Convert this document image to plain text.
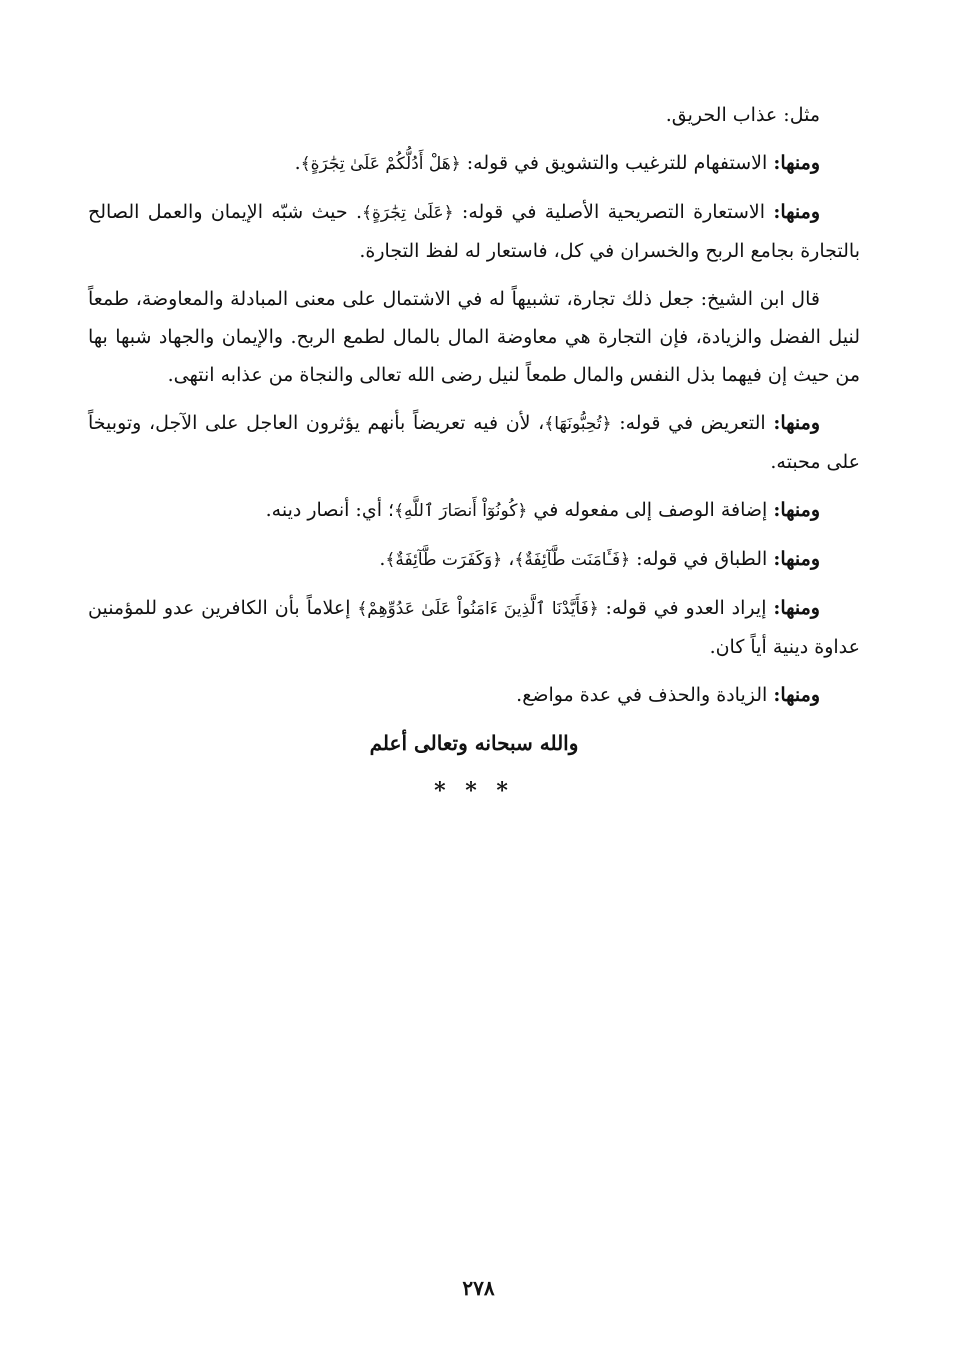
مثل: عذاب الحريق.

ومنها: الاستفهام للترغيب والتشويق في قوله: ﴿هَلْ أَدُلُّكُمْ عَلَىٰ تِجَٰرَةٍ﴾.

ومنها: الاستعارة التصريحية الأصلية في قوله: ﴿عَلَىٰ تِجَٰرَةٍ﴾. حيث شبّه الإيمان والعمل الصالح بالتجارة بجامع الربح والخسران في كل، فاستعار له لفظ التجارة.

قال ابن الشيخ: جعل ذلك تجارة، تشبيهاً له في الاشتمال على معنى المبادلة والمعاوضة، طمعاً لنيل الفضل والزيادة، فإن التجارة هي معاوضة المال بالمال لطمع الربح. والإيمان والجهاد شبها بها من حيث إن فيهما بذل النفس والمال طمعاً لنيل رضى الله تعالى والنجاة من عذابه انتهى.

ومنها: التعريض في قوله: ﴿تُحِبُّونَهَا﴾، لأن فيه تعريضاً بأنهم يؤثرون العاجل على الآجل، وتوبيخاً على محبته.

ومنها: إضافة الوصف إلى مفعوله في ﴿كُونُوٓاْ أَنصَارَ ٱللَّهِ﴾؛ أي: أنصار دينه.

ومنها: الطباق في قوله: ﴿فَـَٔامَنَت طَّآئِفَةٌ﴾، ﴿وَكَفَرَت طَّآئِفَةٌ﴾.

ومنها: إيراد العدو في قوله: ﴿فَأَيَّدْنَا ٱلَّذِينَ ءَامَنُواْ عَلَىٰ عَدُوِّهِمْ﴾ إعلاماً بأن الكافرين عدو للمؤمنين عداوة دينية أياً كان.

ومنها: الزيادة والحذف في عدة مواضع.

والله سبحانه وتعالى أعلم
* * *
٢٧٨
